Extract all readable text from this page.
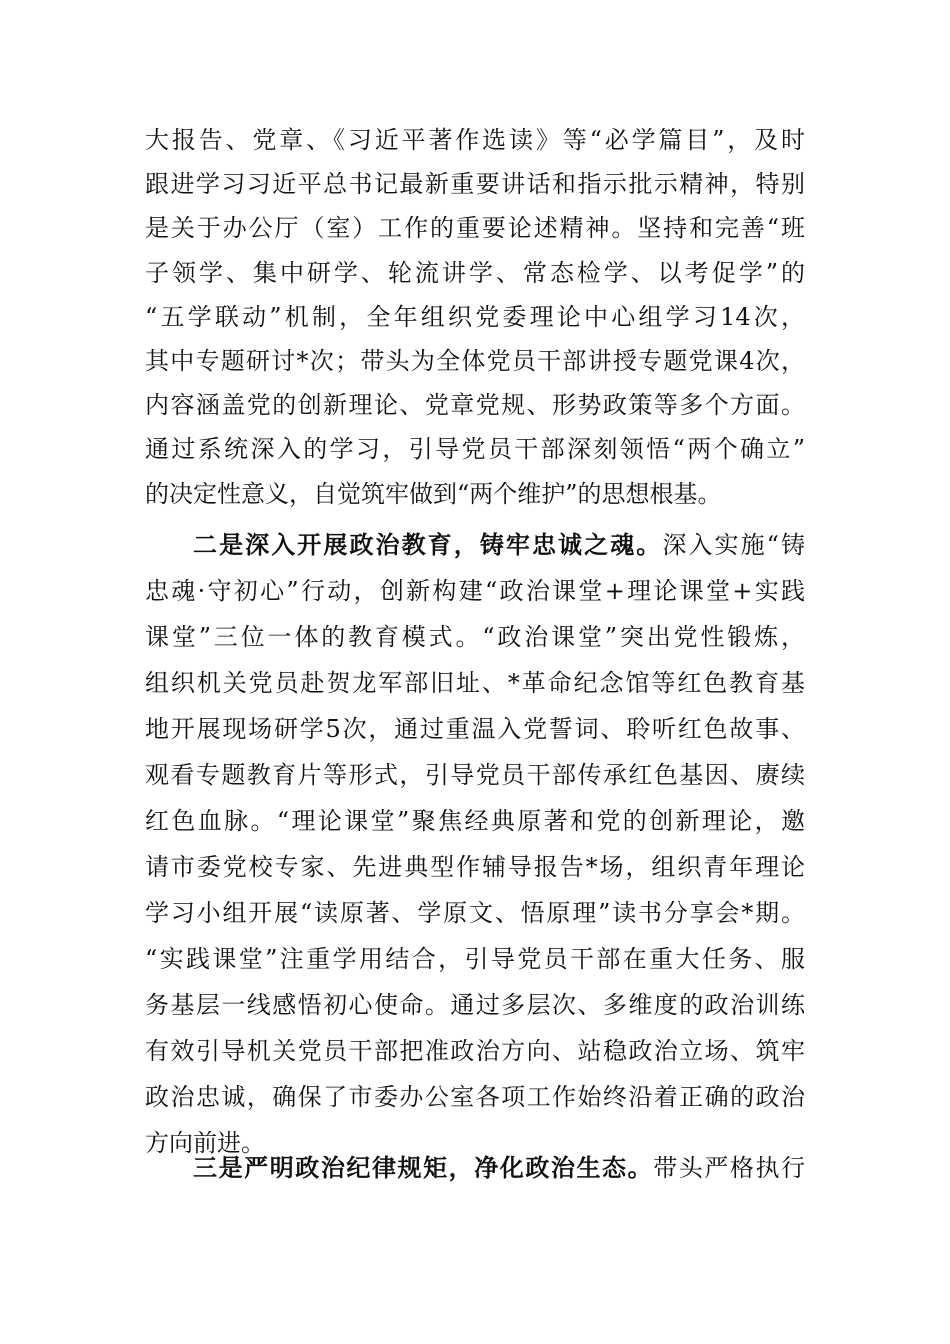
大报告、党章、《习近平著作选读》等“必学篇目”，及时
跟进学习习近平总书记最新重要讲话和指示批示精神，特别
是关于办公厅（室）工作的重要论述精神。坚持和完善“班
子领学、集中研学、轮流讲学、常态检学、以考促学”的
“五学联动”机制，全年组织党委理论中心组学习14次，
其中专题研讨*次；带头为全体党员干部讲授专题党课4次，
内容涵盖党的创新理论、党章党规、形势政策等多个方面。
通过系统深入的学习，引导党员干部深刻领悟“两个确立”
的决定性意义，自觉筑牢做到“两个维护”的思想根基。
二是深入开展政治教育，铸牢忠诚之魂。深入实施“铸
忠魂·守初心”行动，创新构建“政治课堂+理论课堂+实践
课堂”三位一体的教育模式。“政治课堂”突出党性锻炼，
组织机关党员赴贺龙军部旧址、*革命纪念馆等红色教育基
地开展现场研学5次，通过重温入党誓词、聆听红色故事、
观看专题教育片等形式，引导党员干部传承红色基因、赓续
红色血脉。“理论课堂”聚焦经典原著和党的创新理论，邀
请市委党校专家、先进典型作辅导报告*场，组织青年理论
学习小组开展“读原著、学原文、悟原理”读书分享会*期。
“实践课堂”注重学用结合，引导党员干部在重大任务、服
务基层一线感悟初心使命。通过多层次、多维度的政治训练
有效引导机关党员干部把准政治方向、站稳政治立场、筑牢
政治忠诚，确保了市委办公室各项工作始终沿着正确的政治
方向前进。
三是严明政治纪律规矩，净化政治生态。带头严格执行
